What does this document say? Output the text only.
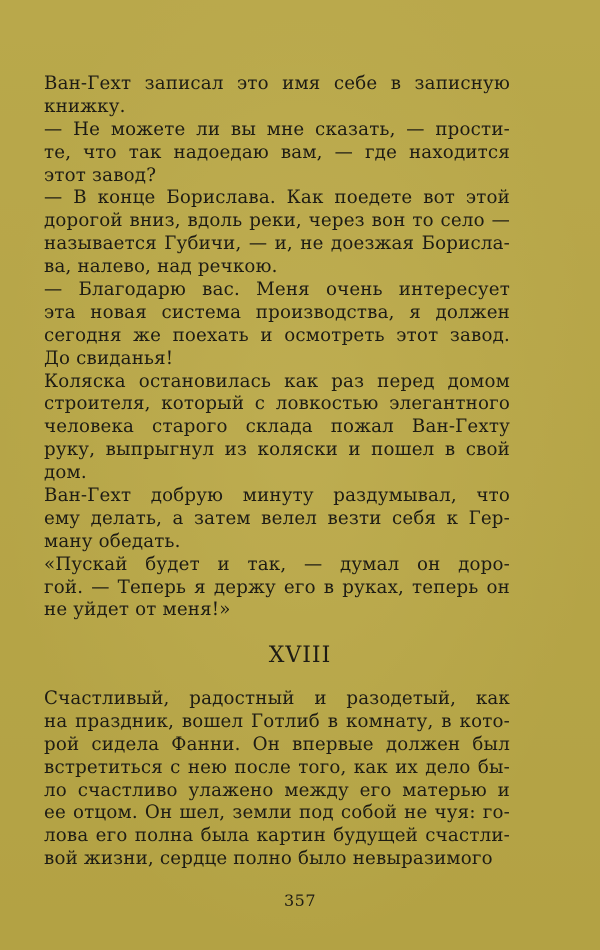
Ван-Гехт записал это имя себе в записную
книжку.
— Не можете ли вы мне сказать, — прости-
те, что так надоедаю вам, — где находится
этот завод?
— В конце Борислава. Как поедете вот этой
дорогой вниз, вдоль реки, через вон то село —
называется Губичи, — и, не доезжая Борисла-
ва, налево, над речкою.
— Благодарю вас. Меня очень интересует
эта новая система производства, я должен
сегодня же поехать и осмотреть этот завод.
До свиданья!
Коляска остановилась как раз перед домом
строителя, который с ловкостью элегантного
человека старого склада пожал Ван-Гехту
руку, выпрыгнул из коляски и пошел в свой
дом.
Ван-Гехт добрую минуту раздумывал, что
ему делать, а затем велел везти себя к Гер-
ману обедать.
«Пускай будет и так, — думал он доро-
гой. — Теперь я держу его в руках, теперь он
не уйдет от меня!»
XVIII
Счастливый, радостный и разодетый, как
на праздник, вошел Готлиб в комнату, в кото-
рой сидела Фанни. Он впервые должен был
встретиться с нею после того, как их дело бы-
ло счастливо улажено между его матерью и
ее отцом. Он шел, земли под собой не чуя: го-
лова его полна была картин будущей счастли-
вой жизни, сердце полно было невыразимого
357
